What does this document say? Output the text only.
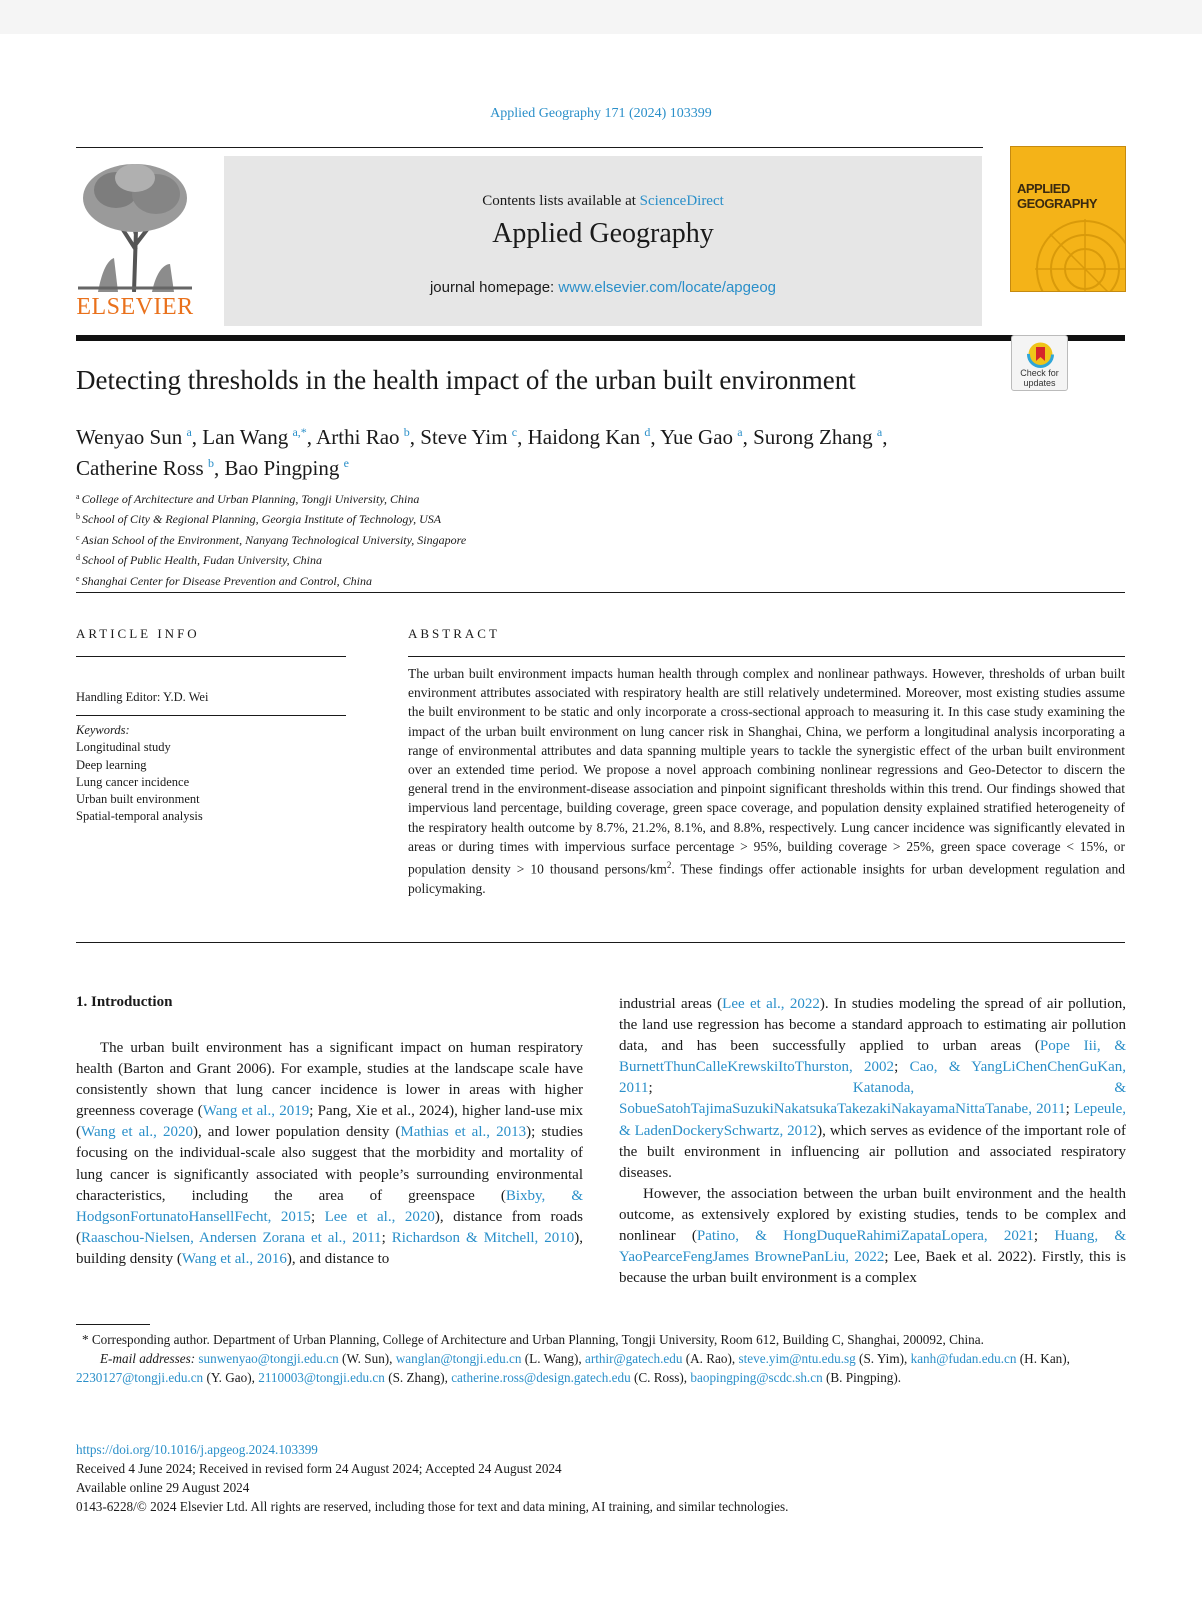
Applied Geography 171 (2024) 103399
ELSEVIER
Contents lists available at ScienceDirect
Applied Geography
journal homepage: www.elsevier.com/locate/apgeog
APPLIED
GEOGRAPHY
Check for
updates
Detecting thresholds in the health impact of the urban built environment
Wenyao Sun  $^a$, Lan Wang  $^{a,*}$, Arthi Rao  $^b$, Steve Yim  $^c$, Haidong Kan  $^d$, Yue Gao  $^a$, Surong Zhang  $^a$,
Catherine Ross  $^b$, Bao Pingping  $^e$
$^a$ College of Architecture and Urban Planning, Tongji University, China
$^b$ School of City & Regional Planning, Georgia Institute of Technology, USA
$^c$ Asian School of the Environment, Nanyang Technological University, Singapore
$^d$ School of Public Health, Fudan University, China
$^e$ Shanghai Center for Disease Prevention and Control, China
ARTICLE INFO	ABSTRACT
Handling Editor: Y.D. Wei
Keywords:
Longitudinal study
Deep learning
Lung cancer incidence
Urban built environment
Spatial-temporal analysis
The urban built environment impacts human health through complex and nonlinear pathways. However, thresholds of urban built environment attributes associated with respiratory health are still relatively undetermined. Moreover, most existing studies assume the built environment to be static and only incorporate a cross-sectional approach to measuring it. In this case study examining the impact of the urban built environment on lung cancer risk in Shanghai, China, we perform a longitudinal analysis incorporating a range of environmental attributes and data spanning multiple years to tackle the synergistic effect of the urban built environment over an extended time period. We propose a novel approach combining nonlinear regressions and Geo-Detector to discern the general trend in the environment-disease association and pinpoint significant thresholds within this trend. Our findings showed that impervious land percentage, building coverage, green space coverage, and population density explained stratified heterogeneity of the respiratory health outcome by 8.7%, 21.2%, 8.1%, and 8.8%, respectively. Lung cancer incidence was significantly elevated in areas or during times with impervious surface percentage > 95%, building coverage > 25%, green space coverage < 15%, or population density > 10 thousand persons/$km^2$. These findings offer actionable insights for urban development regulation and policymaking.
1. Introduction

The urban built environment has a significant impact on human respiratory health (Barton and Grant 2006). For example, studies at the landscape scale have consistently shown that lung cancer incidence is lower in areas with higher greenness coverage (Wang et al., 2019; Pang, Xie et al., 2024), higher land-use mix (Wang et al., 2020), and lower population density (Mathias et al., 2013); studies focusing on the individual-scale also suggest that the morbidity and mortality of lung cancer is significantly associated with people’s surrounding environmental characteristics, including the area of greenspace (Bixby, & HodgsonFortunatoHansellFecht, 2015; Lee et al., 2020), distance from roads (Raaschou-Nielsen, Andersen Zorana et al., 2011; Richardson & Mitchell, 2010), building density (Wang et al., 2016), and distance to

industrial areas (Lee et al., 2022). In studies modeling the spread of air pollution, the land use regression has become a standard approach to estimating air pollution data, and has been successfully applied to urban areas (Pope Iii, & BurnettThunCalleKrewskiItoThurston, 2002; Cao, & YangLiChenChenGuKan, 2011; Katanoda, & SobueSatohTajimaSuzukiNakatsukaTakezakiNakayamaNittaTanabe, 2011; Lepeule, & LadenDockerySchwartz, 2012), which serves as evidence of the important role of the built environment in influencing air pollution and associated respiratory diseases.

However, the association between the urban built environment and the health outcome, as extensively explored by existing studies, tends to be complex and nonlinear (Patino, & HongDuqueRahimiZapataLopera, 2021; Huang, & YaoPearceFengJames BrownePanLiu, 2022; Lee, Baek et al. 2022). Firstly, this is because the urban built environment is a complex

* Corresponding author. Department of Urban Planning, College of Architecture and Urban Planning, Tongji University, Room 612, Building C, Shanghai, 200092, China.

E-mail addresses: sunwenyao@tongji.edu.cn (W. Sun), wanglan@tongji.edu.cn (L. Wang), arthir@gatech.edu (A. Rao), steve.yim@ntu.edu.sg (S. Yim), kanh@fudan.edu.cn (H. Kan), 2230127@tongji.edu.cn (Y. Gao), 2110003@tongji.edu.cn (S. Zhang), catherine.ross@design.gatech.edu (C. Ross), baopingping@scdc.sh.cn (B. Pingping).

https://doi.org/10.1016/j.apgeog.2024.103399
Received 4 June 2024; Received in revised form 24 August 2024; Accepted 24 August 2024
Available online 29 August 2024
0143-6228/© 2024 Elsevier Ltd. All rights are reserved, including those for text and data mining, AI training, and similar technologies.
